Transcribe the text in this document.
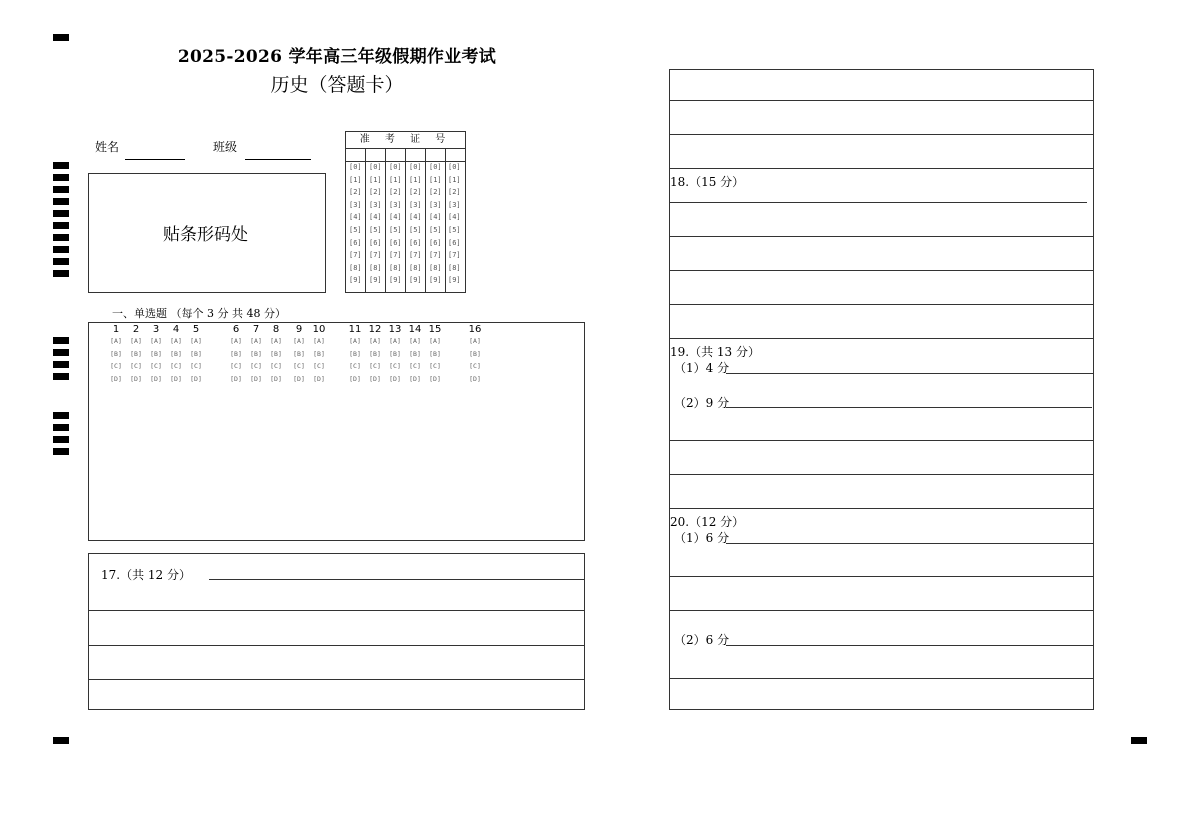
2025-2026 学年高三年级假期作业考试
历史（答题卡）
姓名	班级
贴条形码处
准 考 证 号
[0] [0] [0] [0] [0] [0]
[1] [1] [1] [1] [1] [1]
[2] [2] [2] [2] [2] [2]
[3] [3] [3] [3] [3] [3]
[4] [4] [4] [4] [4] [4]
[5] [5] [5] [5] [5] [5]
[6] [6] [6] [6] [6] [6]
[7] [7] [7] [7] [7] [7]
[8] [8] [8] [8] [8] [8]
[9] [9] [9] [9] [9] [9]
一、单选题 （每个 3 分 共 48 分）
1
[A]
[B]
[C]
[D]
2
[A]
[B]
[C]
[D]
3
[A]
[B]
[C]
[D]
4
[A]
[B]
[C]
[D]
5
[A]
[B]
[C]
[D]
6
[A]
[B]
[C]
[D]
7
[A]
[B]
[C]
[D]
8
[A]
[B]
[C]
[D]
9
[A]
[B]
[C]
[D]
10
[A]
[B]
[C]
[D]
11
[A]
[B]
[C]
[D]
12
[A]
[B]
[C]
[D]
13
[A]
[B]
[C]
[D]
14
[A]
[B]
[C]
[D]
15
[A]
[B]
[C]
[D]
16
[A]
[B]
[C]
[D]
17.（共 12 分）
18.（15 分）
19.（共 13 分）
（1）4 分
（2）9 分
20.（12 分）
（1）6 分
（2）6 分
